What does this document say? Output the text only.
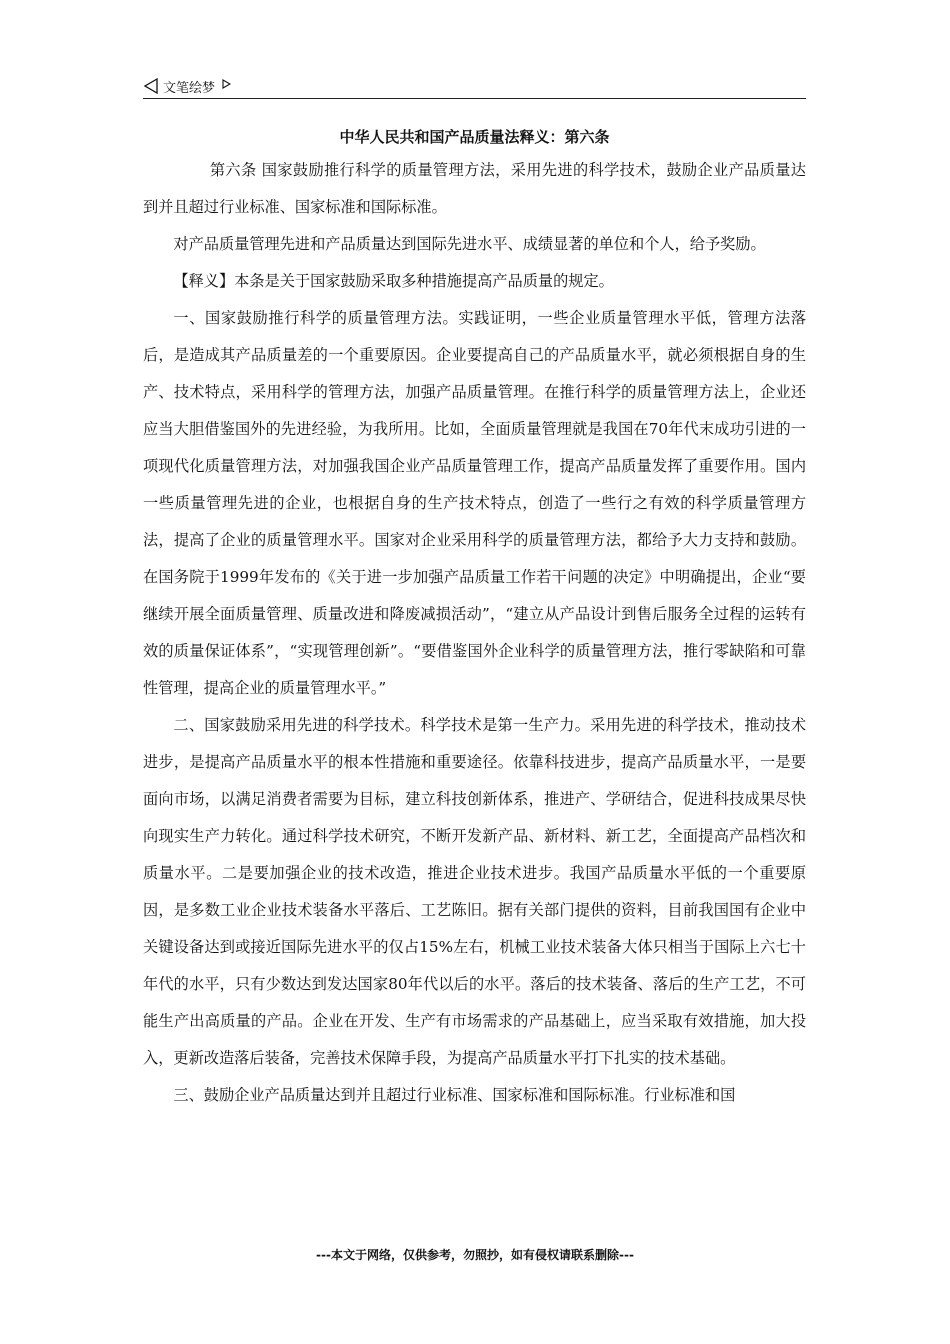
文笔绘梦
中华人民共和国产品质量法释义：第六条

第六条 国家鼓励推行科学的质量管理方法，采用先进的科学技术，鼓励企业产品质量达到并且超过行业标准、国家标准和国际标准。

对产品质量管理先进和产品质量达到国际先进水平、成绩显著的单位和个人，给予奖励。

【释义】本条是关于国家鼓励采取多种措施提高产品质量的规定。

一、国家鼓励推行科学的质量管理方法。实践证明，一些企业质量管理水平低，管理方法落后，是造成其产品质量差的一个重要原因。企业要提高自己的产品质量水平，就必须根据自身的生产、技术特点，采用科学的管理方法，加强产品质量管理。在推行科学的质量管理方法上，企业还应当大胆借鉴国外的先进经验，为我所用。比如，全面质量管理就是我国在70年代末成功引进的一项现代化质量管理方法，对加强我国企业产品质量管理工作，提高产品质量发挥了重要作用。国内一些质量管理先进的企业，也根据自身的生产技术特点，创造了一些行之有效的科学质量管理方法，提高了企业的质量管理水平。国家对企业采用科学的质量管理方法，都给予大力支持和鼓励。在国务院于1999年发布的《关于进一步加强产品质量工作若干问题的决定》中明确提出，企业“要继续开展全面质量管理、质量改进和降废减损活动”，“建立从产品设计到售后服务全过程的运转有效的质量保证体系”，“实现管理创新”。“要借鉴国外企业科学的质量管理方法，推行零缺陷和可靠性管理，提高企业的质量管理水平。”

二、国家鼓励采用先进的科学技术。科学技术是第一生产力。采用先进的科学技术，推动技术进步，是提高产品质量水平的根本性措施和重要途径。依靠科技进步，提高产品质量水平，一是要面向市场，以满足消费者需要为目标，建立科技创新体系，推进产、学研结合，促进科技成果尽快向现实生产力转化。通过科学技术研究，不断开发新产品、新材料、新工艺，全面提高产品档次和质量水平。二是要加强企业的技术改造，推进企业技术进步。我国产品质量水平低的一个重要原因，是多数工业企业技术装备水平落后、工艺陈旧。据有关部门提供的资料，目前我国国有企业中关键设备达到或接近国际先进水平的仅占15%左右，机械工业技术装备大体只相当于国际上六七十年代的水平，只有少数达到发达国家80年代以后的水平。落后的技术装备、落后的生产工艺，不可能生产出高质量的产品。企业在开发、生产有市场需求的产品基础上，应当采取有效措施，加大投入，更新改造落后装备，完善技术保障手段，为提高产品质量水平打下扎实的技术基础。

三、鼓励企业产品质量达到并且超过行业标准、国家标准和国际标准。行业标准和国

---本文于网络，仅供参考，勿照抄，如有侵权请联系删除---
